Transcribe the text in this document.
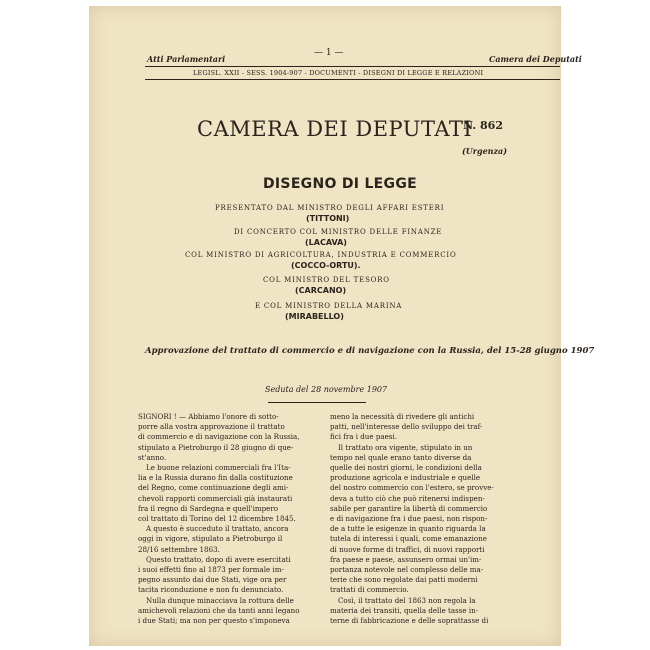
Atti Parlamentari
— 1 —
Camera dei Deputati
LEGISL. XXII - SESS. 1904-907 - DOCUMENTI - DISEGNI DI LEGGE E RELAZIONI
CAMERA DEI DEPUTATI
N. 862
(Urgenza)
DISEGNO DI LEGGE
PRESENTATO DAL MINISTRO DEGLI AFFARI ESTERI
(TITTONI)
DI CONCERTO COL MINISTRO DELLE FINANZE
(LACAVA)
COL MINISTRO DI AGRICOLTURA, INDUSTRIA E COMMERCIO
(COCCO-ORTU).
COL MINISTRO DEL TESORO
(CARCANO)
E COL MINISTRO DELLA MARINA
(MIRABELLO)
Approvazione del trattato di commercio e di navigazione con la Russia, del 15-28 giugno 1907
Seduta del 28 novembre 1907

SIGNORI ! — Abbiamo l'onore di sotto-

porre alla vostra approvazione il trattato

di commercio e di navigazione con la Russia,

stipulato a Pietroburgo il 28 giugno di que-

st'anno.

Le buone relazioni commerciali fra l'Ita-

lia e la Russia durano fin dalla costituzione

del Regno, come continuazione degli ami-

chevoli rapporti commerciali già instaurati

fra il regno di Sardegna e quell'impero

col trattato di Torino del 12 dicembre 1845.

A questo è succeduto il trattato, ancora

oggi in vigore, stipulato a Pietroburgo il

28/16 settembre 1863.

Questo trattato, dopo di avere esercitati

i suoi effetti fino al 1873 per formale im-

pegno assunto dai due Stati, vige ora per

tacita riconduzione e non fu denunciato.

Nulla dunque minacciava la rottura delle

amichevoli relazioni che da tanti anni legano

i due Stati; ma non per questo s'imponeva

meno la necessità di rivedere gli antichi

patti, nell'interesse dello sviluppo dei traf-

fici fra i due paesi.

Il trattato ora vigente, stipulato in un

tempo nel quale erano tanto diverse da

quelle dei nostri giorni, le condizioni della

produzione agricola e industriale e quelle

del nostro commercio con l'estero, se provve-

deva a tutto ciò che può ritenersi indispen-

sabile per garantire la libertà di commercio

e di navigazione fra i due paesi, non rispon-

de a tutte le esigenze in quanto riguarda la

tutela di interessi i quali, come emanazione

di nuove forme di traffici, di nuovi rapporti

fra paese e paese, assunsero ormai un'im-

portanza notevole nel complesso delle ma-

terie che sono regolate dai patti moderni

trattati di commercio.

Così, il trattato del 1863 non regola la

materia dei transiti, quella delle tasse in-

terne di fabbricazione e delle soprattasse di
